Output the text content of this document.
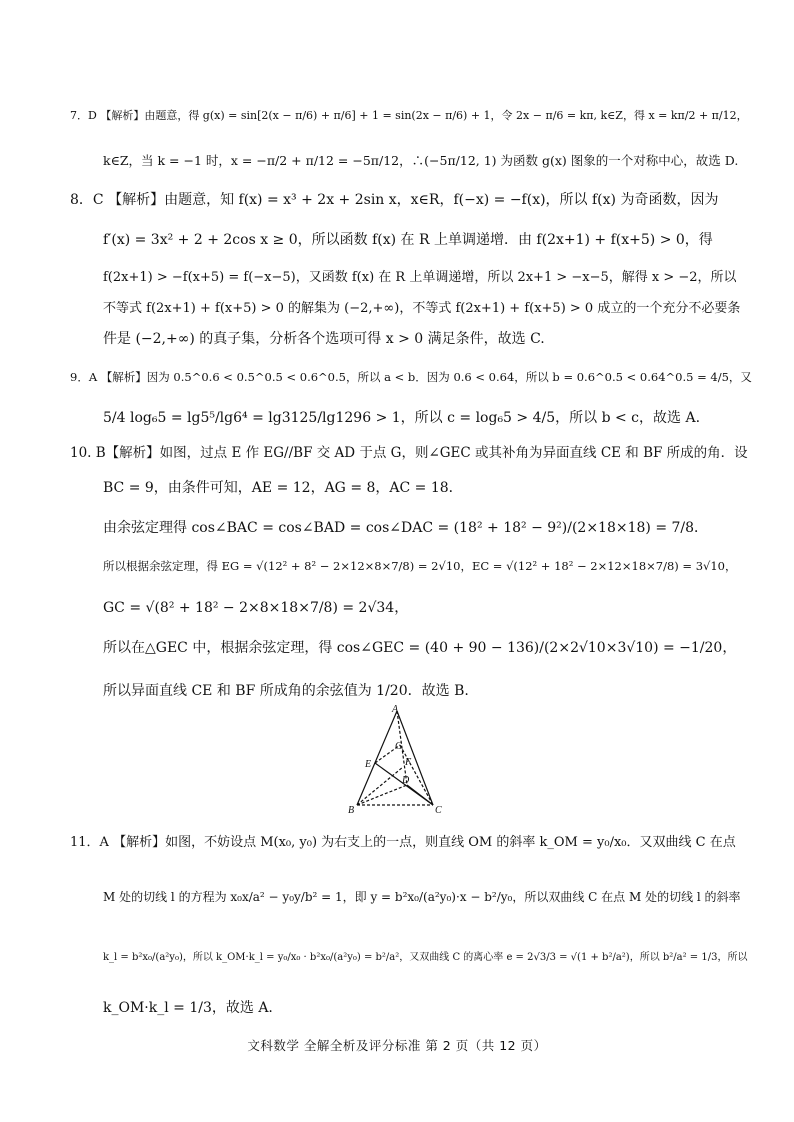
7．D 【解析】由题意，得 g(x) = sin[2(x − π/6) + π/6] + 1 = sin(2x − π/6) + 1，令 2x − π/6 = kπ, k∈Z，得 x = kπ/2 + π/12，
k∈Z，当 k = −1 时，x = −π/2 + π/12 = −5π/12，∴(−5π/12, 1) 为函数 g(x) 图象的一个对称中心，故选 D.
8．C 【解析】由题意，知 f(x) = x³ + 2x + 2sin x，x∈R，f(−x) = −f(x)，所以 f(x) 为奇函数，因为
f′(x) = 3x² + 2 + 2cos x ≥ 0，所以函数 f(x) 在 R 上单调递增．由 f(2x+1) + f(x+5) > 0，得
f(2x+1) > −f(x+5) = f(−x−5)，又函数 f(x) 在 R 上单调递增，所以 2x+1 > −x−5，解得 x > −2，所以
不等式 f(2x+1) + f(x+5) > 0 的解集为 (−2,+∞)，不等式 f(2x+1) + f(x+5) > 0 成立的一个充分不必要条
件是 (−2,+∞) 的真子集，分析各个选项可得 x > 0 满足条件，故选 C.
9．A 【解析】因为 0.5^0.6 < 0.5^0.5 < 0.6^0.5，所以 a < b．因为 0.6 < 0.64，所以 b = 0.6^0.5 < 0.64^0.5 = 4/5，又
5/4 log₆5 = lg5⁵/lg6⁴ = lg3125/lg1296 > 1，所以 c = log₆5 > 4/5，所以 b < c，故选 A.
10. B【解析】如图，过点 E 作 EG//BF 交 AD 于点 G，则∠GEC 或其补角为异面直线 CE 和 BF 所成的角．设
BC = 9，由条件可知，AE = 12，AG = 8，AC = 18．
由余弦定理得 cos∠BAC = cos∠BAD = cos∠DAC = (18² + 18² − 9²)/(2×18×18) = 7/8．
所以根据余弦定理，得 EG = √(12² + 8² − 2×12×8×7/8) = 2√10，EC = √(12² + 18² − 2×12×18×7/8) = 3√10，
GC = √(8² + 18² − 2×8×18×7/8) = 2√34，
所以在△GEC 中，根据余弦定理，得 cos∠GEC = (40 + 90 − 136)/(2×2√10×3√10) = −1/20，
所以异面直线 CE 和 BF 所成角的余弦值为 1/20．故选 B.
A
B	C
D
E	F
G
11．A 【解析】如图，不妨设点 M(x₀, y₀) 为右支上的一点，则直线 OM 的斜率 k_OM = y₀/x₀．又双曲线 C 在点
M 处的切线 l 的方程为 x₀x/a² − y₀y/b² = 1，即 y = b²x₀/(a²y₀)·x − b²/y₀，所以双曲线 C 在点 M 处的切线 l 的斜率
k_l = b²x₀/(a²y₀)，所以 k_OM·k_l = y₀/x₀ · b²x₀/(a²y₀) = b²/a²，又双曲线 C 的离心率 e = 2√3/3 = √(1 + b²/a²)，所以 b²/a² = 1/3，所以
k_OM·k_l = 1/3，故选 A.
文科数学 全解全析及评分标准 第 2 页（共 12 页）
